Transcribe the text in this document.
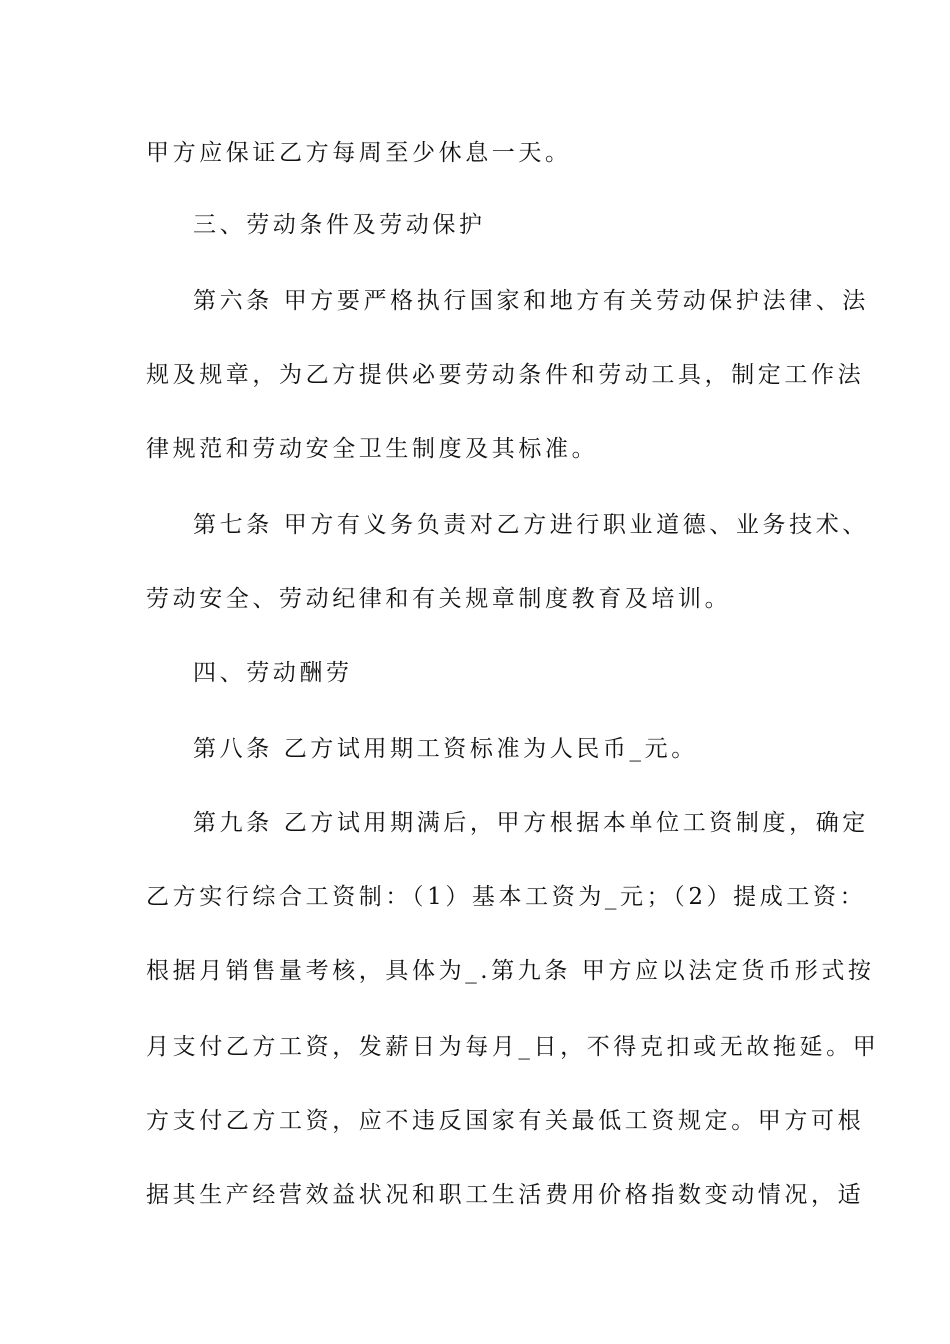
甲方应保证乙方每周至少休息一天。
三、劳动条件及劳动保护
第六条 甲方要严格执行国家和地方有关劳动保护法律、法
规及规章，为乙方提供必要劳动条件和劳动工具，制定工作法
律规范和劳动安全卫生制度及其标准。
第七条 甲方有义务负责对乙方进行职业道德、业务技术、
劳动安全、劳动纪律和有关规章制度教育及培训。
四、劳动酬劳
第八条 乙方试用期工资标准为人民币_元。
第九条 乙方试用期满后，甲方根据本单位工资制度，确定
乙方实行综合工资制：（1）基本工资为_元；（2）提成工资：
根据月销售量考核，具体为_.第九条 甲方应以法定货币形式按
月支付乙方工资，发薪日为每月_日，不得克扣或无故拖延。甲
方支付乙方工资，应不违反国家有关最低工资规定。甲方可根
据其生产经营效益状况和职工生活费用价格指数变动情况，适
